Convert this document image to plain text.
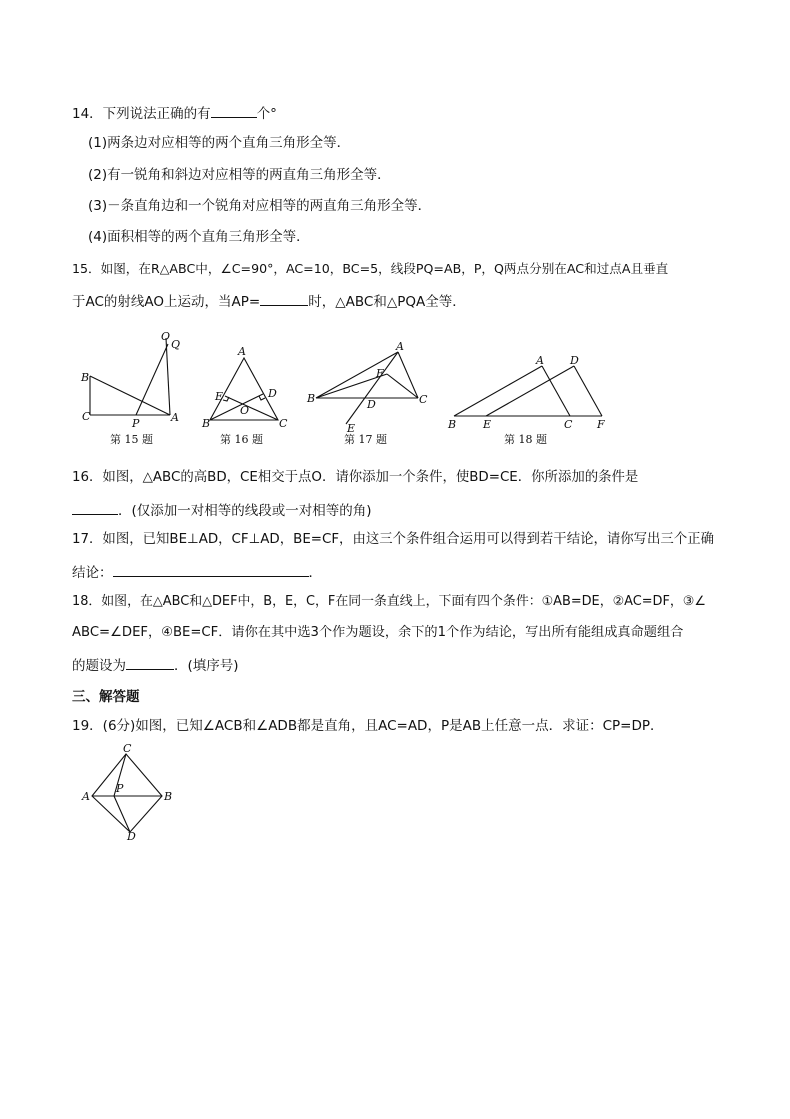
14．下列说法正确的有	个°
(1)两条边对应相等的两个直角三角形全等．
(2)有一锐角和斜边对应相等的两直角三角形全等．
(3)－条直角边和一个锐角对应相等的两直角三角形全等．
(4)面积相等的两个直角三角形全等．
15．如图，在R△ABC中，∠C=90°，AC=10，BC=5，线段PQ=AB，P，Q两点分别在AC和过点A且垂直
于AC的射线AO上运动，当AP=	时，△ABC和△PQA全等．
O
Q
B
C
P	A
第 15 题
A
E	D
O
B	C
第 16 题
A
F
B	D	C
E
第 17 题
A D
B E	C F
第 18 题
16．如图，△ABC的高BD，CE相交于点O．请你添加一个条件，使BD=CE．你所添加的条件是
．(仅添加一对相等的线段或一对相等的角)
17．如图，已知BE⊥AD，CF⊥AD，BE=CF，由这三个条件组合运用可以得到若干结论，请你写出三个正确
结论：	．
18．如图，在△ABC和△DEF中，B，E，C，F在同一条直线上，下面有四个条件：①AB=DE，②AC=DF，③∠
ABC=∠DEF，④BE=CF．请你在其中选3个作为题设，余下的1个作为结论，写出所有能组成真命题组合
的题设为	．(填序号)
三、解答题
19．(6分)如图，已知∠ACB和∠ADB都是直角，且AC=AD，P是AB上任意一点．求证：CP=DP．
C
A
P
B
D
